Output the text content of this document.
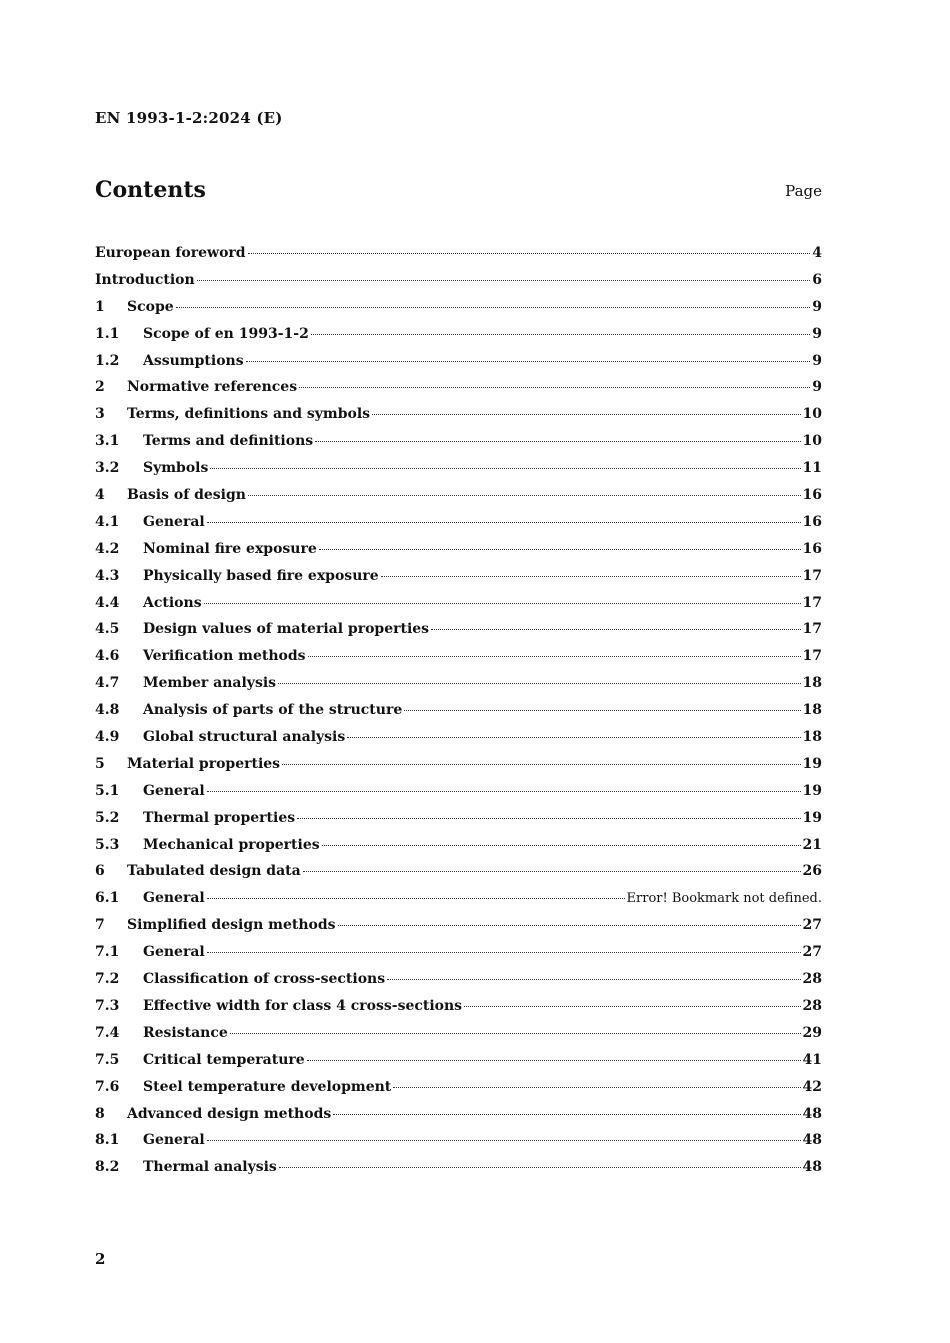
EN 1993-1-2:2024 (E)
Contents	Page
European foreword	4
Introduction	6
1	Scope	9
1.1	Scope of en 1993-1-2	9
1.2	Assumptions	9
2	Normative references	9
3	Terms, definitions and symbols	10
3.1	Terms and definitions	10
3.2	Symbols	11
4	Basis of design	16
4.1	General	16
4.2	Nominal fire exposure	16
4.3	Physically based fire exposure	17
4.4	Actions	17
4.5	Design values of material properties	17
4.6	Verification methods	17
4.7	Member analysis	18
4.8	Analysis of parts of the structure	18
4.9	Global structural analysis	18
5	Material properties	19
5.1	General	19
5.2	Thermal properties	19
5.3	Mechanical properties	21
6	Tabulated design data	26
6.1	General	Error! Bookmark not defined.
7	Simplified design methods	27
7.1	General	27
7.2	Classification of cross-sections	28
7.3	Effective width for class 4 cross-sections	28
7.4	Resistance	29
7.5	Critical temperature	41
7.6	Steel temperature development	42
8	Advanced design methods	48
8.1	General	48
8.2	Thermal analysis	48
2
